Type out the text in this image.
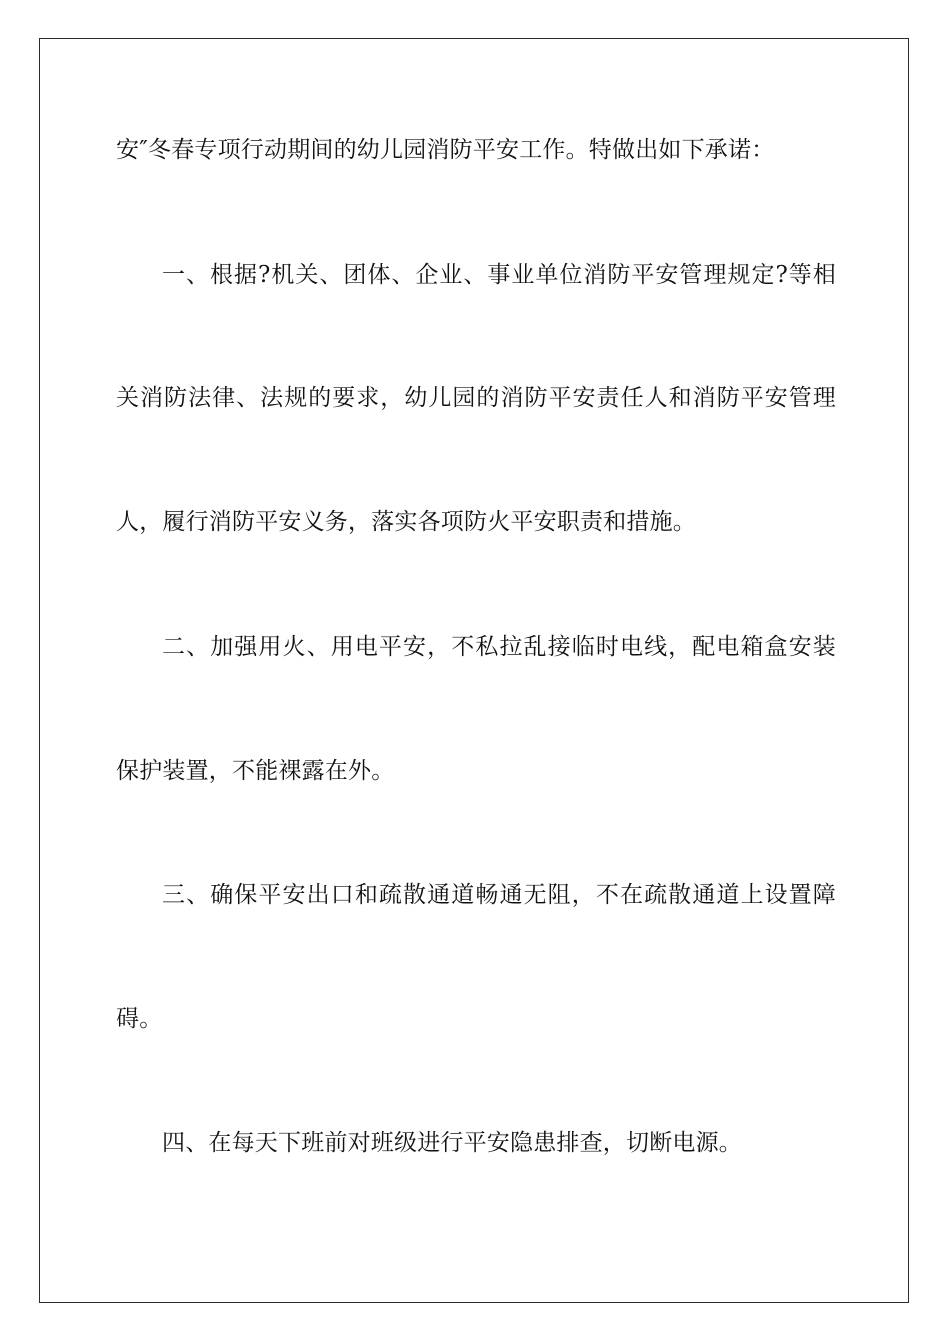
安″冬春专项行动期间的幼儿园消防平安工作。特做出如下承诺：
一、根据?机关、团体、企业、事业单位消防平安管理规定?等相
关消防法律、法规的要求，幼儿园的消防平安责任人和消防平安管理
人，履行消防平安义务，落实各项防火平安职责和措施。
二、加强用火、用电平安，不私拉乱接临时电线，配电箱盒安装
保护装置，不能裸露在外。
三、确保平安出口和疏散通道畅通无阻，不在疏散通道上设置障
碍。
四、在每天下班前对班级进行平安隐患排查，切断电源。
